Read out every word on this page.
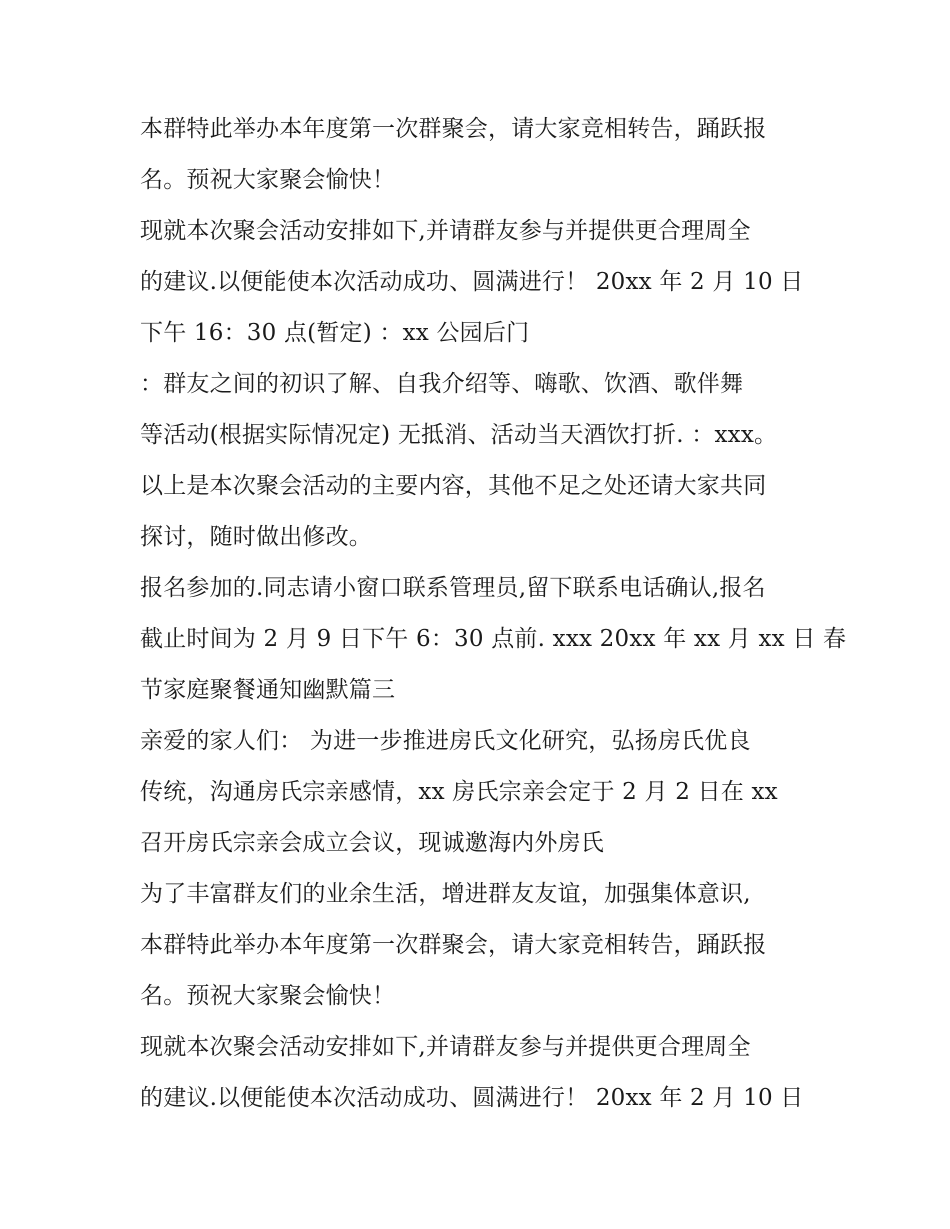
本群特此举办本年度第一次群聚会，请大家竞相转告，踊跃报
名。预祝大家聚会愉快！
现就本次聚会活动安排如下,并请群友参与并提供更合理周全
的建议.以便能使本次活动成功、圆满进行！ 20xx 年 2 月 10 日
下午 16：30 点(暂定) ：xx 公园后门
：群友之间的初识了解、自我介绍等、嗨歌、饮酒、歌伴舞
等活动(根据实际情况定) 无抵消、活动当天酒饮打折. ：xxx。
以上是本次聚会活动的主要内容，其他不足之处还请大家共同
探讨，随时做出修改。
报名参加的.同志请小窗口联系管理员,留下联系电话确认,报名
截止时间为 2 月 9 日下午 6：30 点前. xxx 20xx 年 xx 月 xx 日 春
节家庭聚餐通知幽默篇三
亲爱的家人们： 为进一步推进房氏文化研究，弘扬房氏优良
传统，沟通房氏宗亲感情，xx 房氏宗亲会定于 2 月 2 日在 xx
召开房氏宗亲会成立会议，现诚邀海内外房氏
为了丰富群友们的业余生活，增进群友友谊，加强集体意识,
本群特此举办本年度第一次群聚会，请大家竞相转告，踊跃报
名。预祝大家聚会愉快！
现就本次聚会活动安排如下,并请群友参与并提供更合理周全
的建议.以便能使本次活动成功、圆满进行！ 20xx 年 2 月 10 日
